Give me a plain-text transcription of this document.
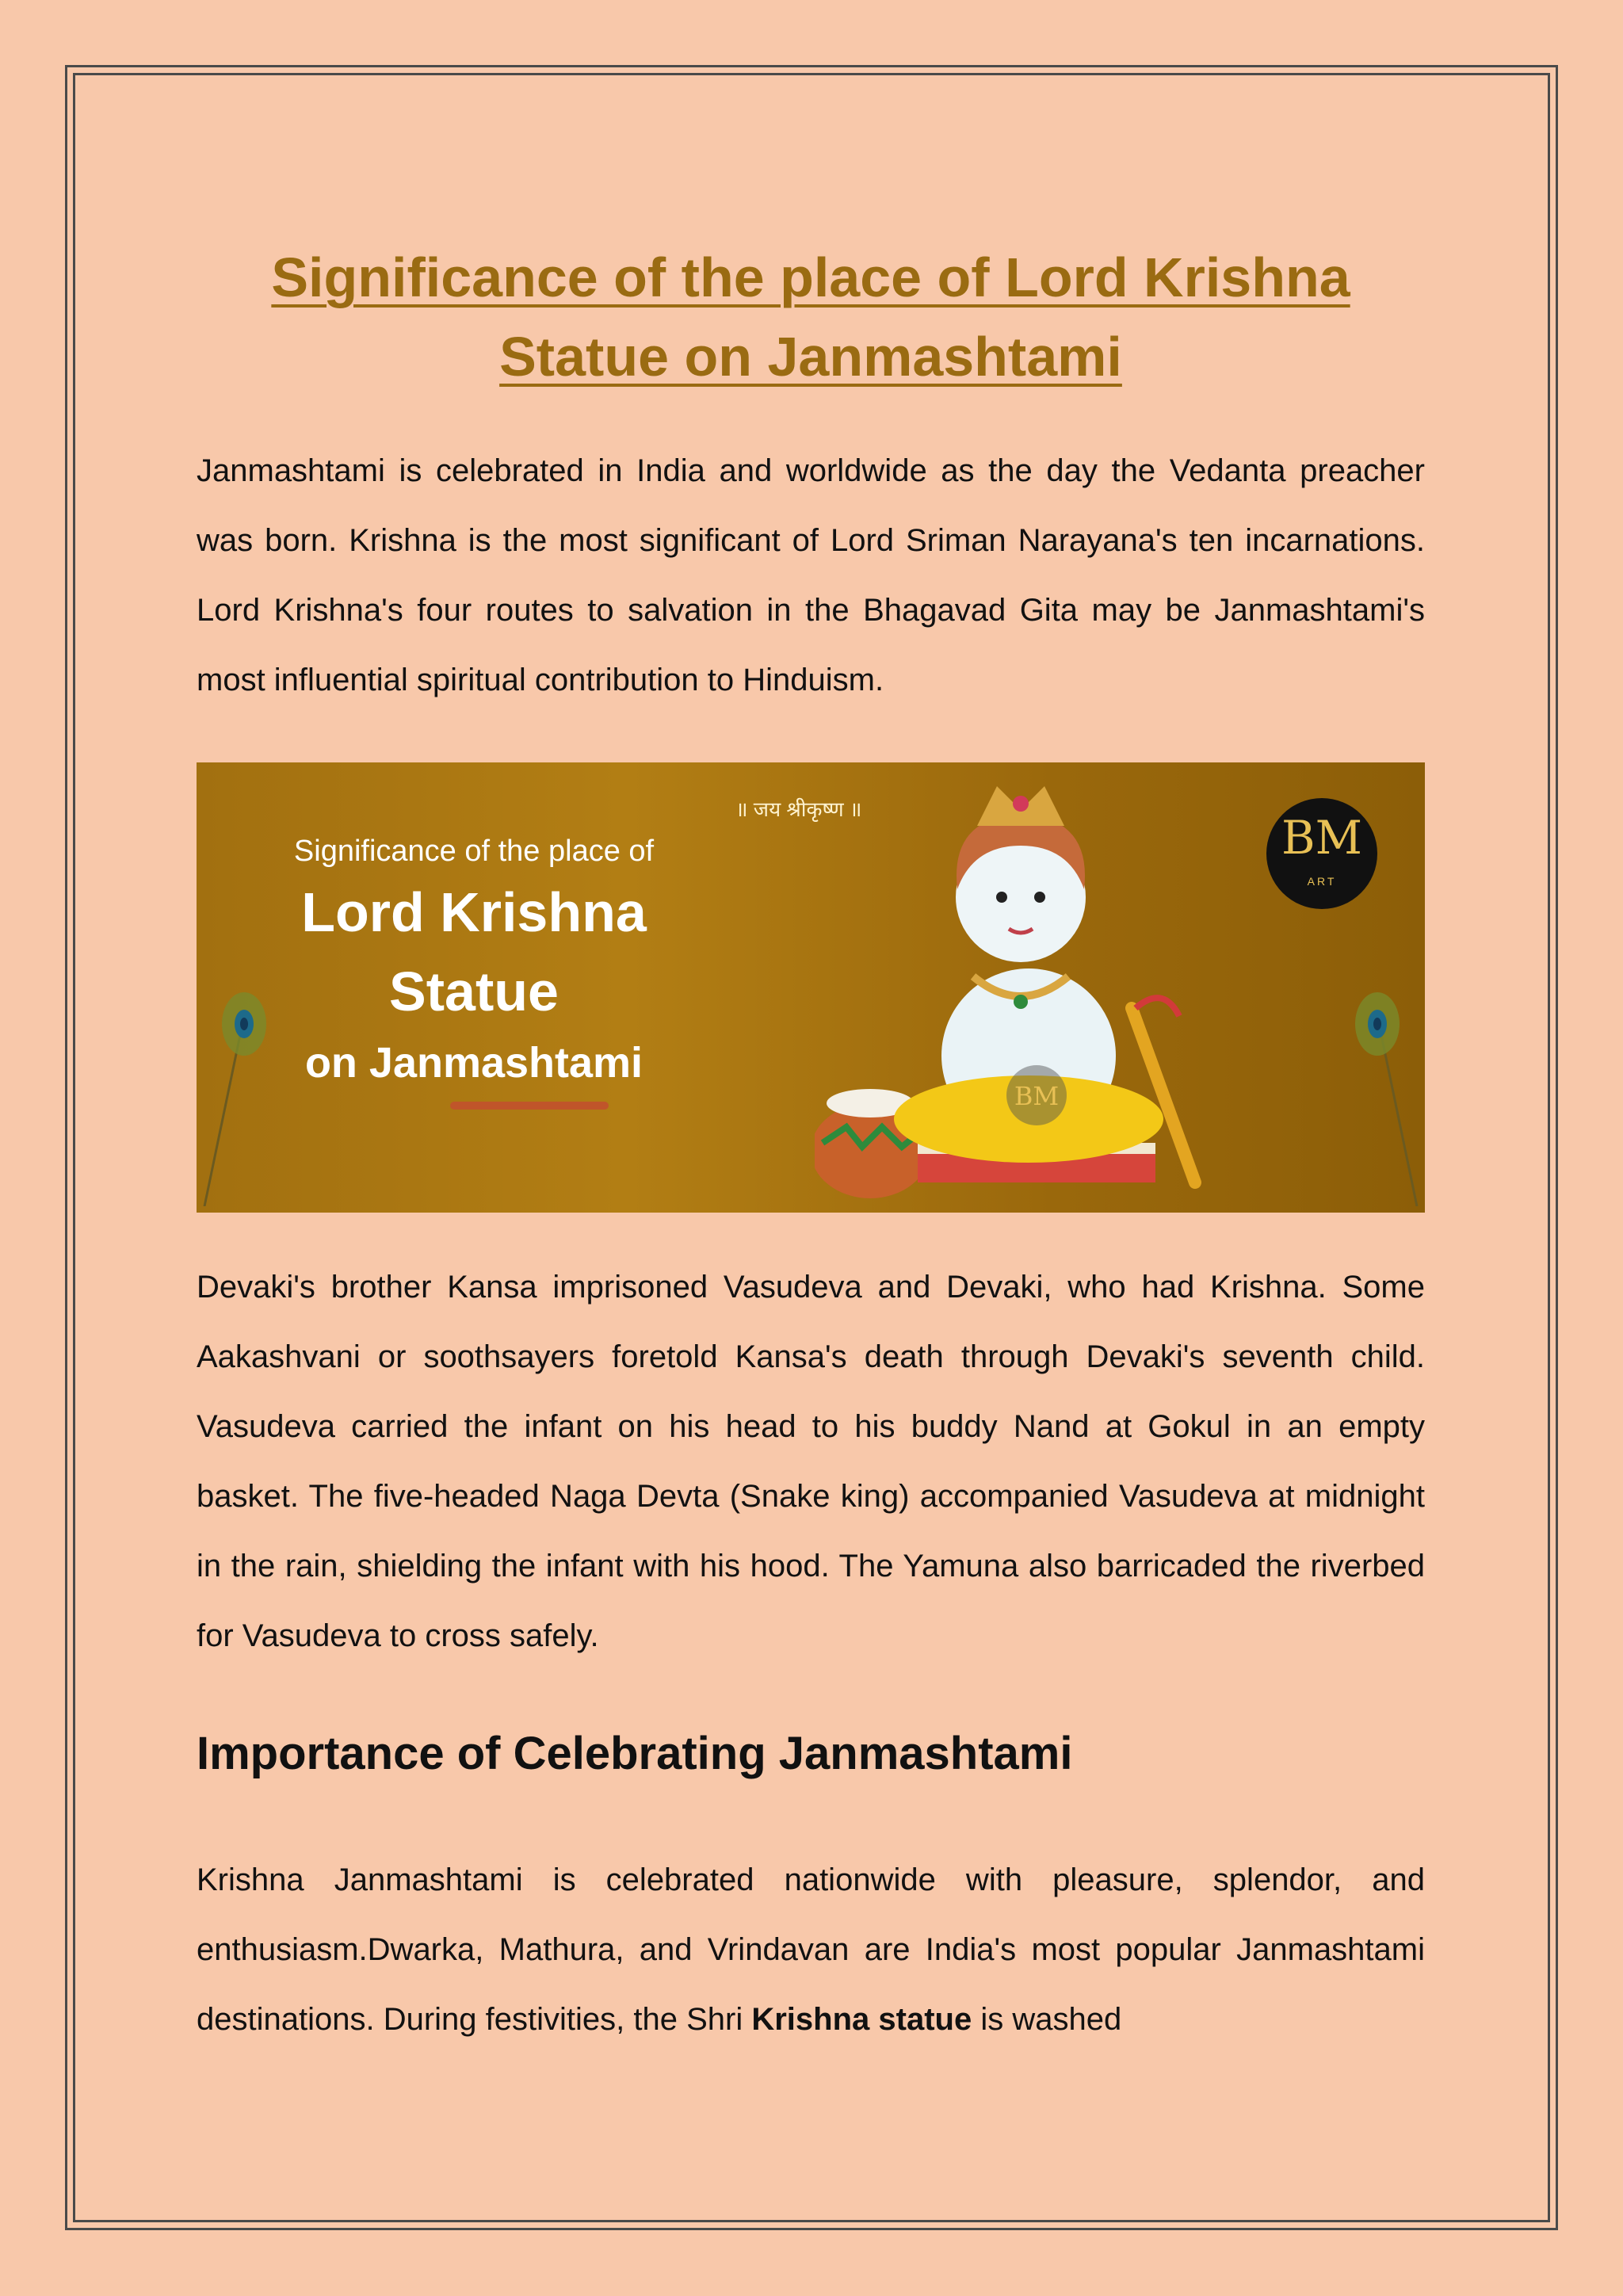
Significance of the place of Lord Krishna
Statue on Janmashtami

Janmashtami is celebrated in India and worldwide as the day the Vedanta preacher was born. Krishna is the most significant of Lord Sriman Narayana's ten incarnations. Lord Krishna's four routes to salvation in the Bhagavad Gita may be Janmashtami's most influential spiritual contribution to Hinduism.

॥ जय श्रीकृष्ण ॥
Significance of the place of
Lord Krishna
Statue
on Janmashtami
BM
BM
ART

Devaki's brother Kansa imprisoned Vasudeva and Devaki, who had Krishna. Some Aakashvani or soothsayers foretold Kansa's death through Devaki's seventh child. Vasudeva carried the infant on his head to his buddy Nand at Gokul in an empty basket. The five-headed Naga Devta (Snake king) accompanied Vasudeva at midnight in the rain, shielding the infant with his hood. The Yamuna also barricaded the riverbed for Vasudeva to cross safely.

Importance of Celebrating Janmashtami

Krishna Janmashtami is celebrated nationwide with pleasure, splendor, and enthusiasm.Dwarka, Mathura, and Vrindavan are India's most popular Janmashtami destinations. During festivities, the Shri Krishna statue is washed
